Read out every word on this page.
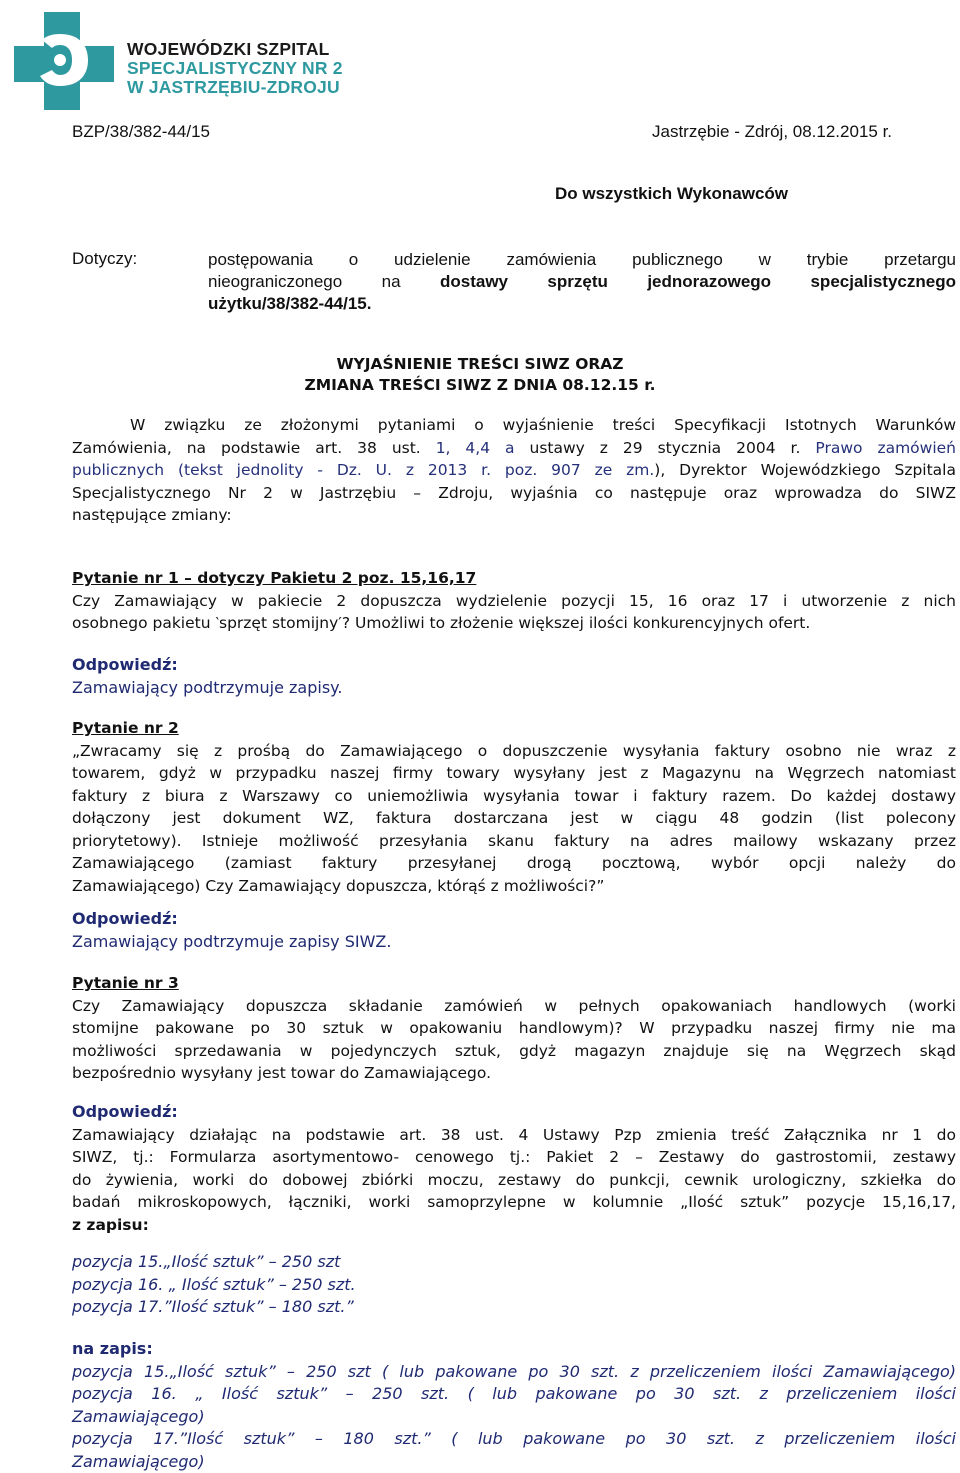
WOJEWÓDZKI SZPITAL
SPECJALISTYCZNY NR 2
W JASTRZĘBIU-ZDROJU
BZP/38/382-44/15	Jastrzębie - Zdrój, 08.12.2015 r.
Do wszystkich Wykonawców
Dotyczy:	postępowania o udzielenie zamówienia publicznego w trybie przetargu
nieograniczonego na dostawy sprzętu jednorazowego specjalistycznego
użytku/38/382-44/15.
WYJAŚNIENIE TREŚCI SIWZ ORAZ
ZMIANA TREŚCI SIWZ Z DNIA 08.12.15 r.
W związku ze złożonymi pytaniami o wyjaśnienie treści Specyfikacji Istotnych Warunków
Zamówienia, na podstawie art. 38 ust. 1, 4,4 a ustawy z 29 stycznia 2004 r. Prawo zamówień
publicznych (tekst jednolity - Dz. U. z 2013 r. poz. 907 ze zm.), Dyrektor Wojewódzkiego Szpitala
Specjalistycznego Nr 2 w Jastrzębiu – Zdroju, wyjaśnia co następuje oraz wprowadza do SIWZ
następujące zmiany:
Pytanie nr 1 – dotyczy Pakietu 2 poz. 15,16,17
Czy Zamawiający w pakiecie 2 dopuszcza wydzielenie pozycji 15, 16 oraz 17 i utworzenie z nich
osobnego pakietu ‵sprzęt stomijny′? Umożliwi to złożenie większej ilości konkurencyjnych ofert.
Odpowiedź:
Zamawiający podtrzymuje zapisy.
Pytanie nr 2
„Zwracamy się z prośbą do Zamawiającego o dopuszczenie wysyłania faktury osobno nie wraz z
towarem, gdyż w przypadku naszej firmy towary wysyłany jest z Magazynu na Węgrzech natomiast
faktury z biura z Warszawy co uniemożliwia wysyłania towar i faktury razem. Do każdej dostawy
dołączony jest dokument WZ, faktura dostarczana jest w ciągu 48 godzin (list polecony
priorytetowy). Istnieje możliwość przesyłania skanu faktury na adres mailowy wskazany przez
Zamawiającego (zamiast faktury przesyłanej drogą pocztową, wybór opcji należy do
Zamawiającego) Czy Zamawiający dopuszcza, którąś z możliwości?”
Odpowiedź:
Zamawiający podtrzymuje zapisy SIWZ.
Pytanie nr 3
Czy Zamawiający dopuszcza składanie zamówień w pełnych opakowaniach handlowych (worki
stomijne pakowane po 30 sztuk w opakowaniu handlowym)? W przypadku naszej firmy nie ma
możliwości sprzedawania w pojedynczych sztuk, gdyż magazyn znajduje się na Węgrzech skąd
bezpośrednio wysyłany jest towar do Zamawiającego.
Odpowiedź:
Zamawiający działając na podstawie art. 38 ust. 4 Ustawy Pzp zmienia treść Załącznika nr 1 do
SIWZ, tj.: Formularza asortymentowo- cenowego tj.: Pakiet 2 – Zestawy do gastrostomii, zestawy
do żywienia, worki do dobowej zbiórki moczu, zestawy do punkcji, cewnik urologiczny, szkiełka do
badań mikroskopowych, łączniki, worki samoprzylepne w kolumnie „Ilość sztuk” pozycje 15,16,17,
z zapisu:
pozycja 15.„Ilość sztuk” – 250 szt
pozycja 16. „ Ilość sztuk” – 250 szt.
pozycja 17.”Ilość sztuk” – 180 szt.”
na zapis:
pozycja 15.„Ilość sztuk” – 250 szt ( lub pakowane po 30 szt. z przeliczeniem ilości Zamawiającego)
pozycja 16. „ Ilość sztuk” – 250 szt. ( lub pakowane po 30 szt. z przeliczeniem ilości
Zamawiającego)
pozycja 17.”Ilość sztuk” – 180 szt.” ( lub pakowane po 30 szt. z przeliczeniem ilości
Zamawiającego)
